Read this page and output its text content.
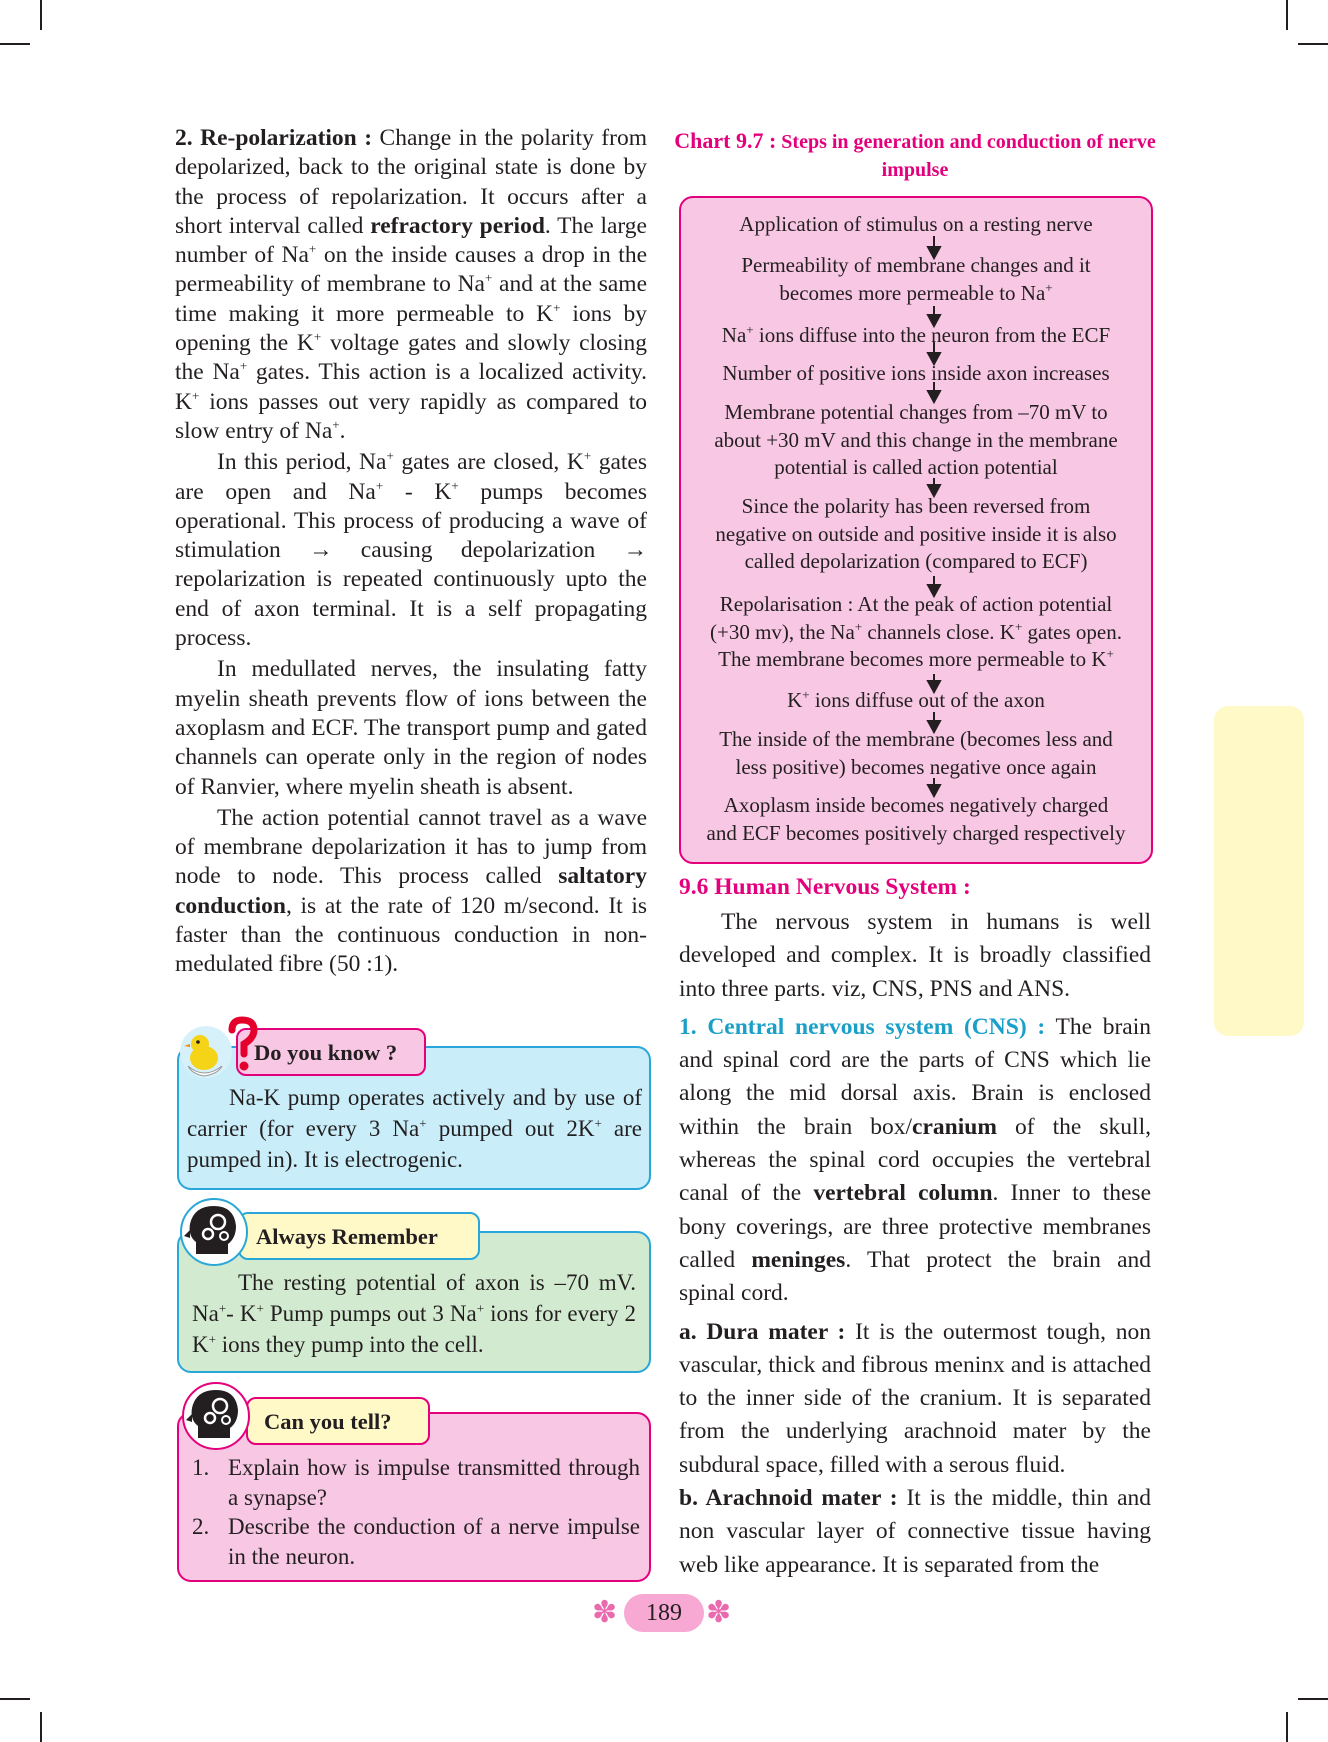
2. Re-polarization : Change in the polarity from depolarized, back to the original state is done by the process of repolarization. It occurs after a short interval called refractory period. The large number of Na+ on the inside causes a drop in the permeability of membrane to Na+ and at the same time making it more permeable to K+ ions by opening the K+ voltage gates and slowly closing the Na+ gates. This action is a localized activity. K+ ions passes out very rapidly as compared to slow entry of Na+.

In this period, Na+ gates are closed, K+ gates are open and Na+ - K+ pumps becomes operational. This process of producing a wave of stimulation → causing depolarization → repolarization is repeated continuously upto the end of axon terminal. It is a self propagating process.

In medullated nerves, the insulating fatty myelin sheath prevents flow of ions between the axoplasm and ECF. The transport pump and gated channels can operate only in the region of nodes of Ranvier, where myelin sheath is absent.

The action potential cannot travel as a wave of membrane depolarization it has to jump from node to node. This process called saltatory conduction, is at the rate of 120 m/second. It is faster than the continuous conduction in non-medulated fibre (50 :1).

Do you know ?

Na-K pump operates actively and by use of carrier (for every 3 Na+ pumped out 2K+ are pumped in). It is electrogenic.

Always Remember

The resting potential of axon is –70 mV. Na+- K+ Pump pumps out 3 Na+ ions for every 2 K+ ions they pump into the cell.

Can you tell?
1. Explain how is impulse transmitted through a synapse?
2. Describe the conduction of a nerve impulse in the neuron.
Chart 9.7 : Steps in generation and conduction of nerve impulse
Application of stimulus on a resting nerve
Permeability of membrane changes and it
becomes more permeable to Na+
Na+ ions diffuse into the neuron from the ECF
Number of positive ions inside axon increases
Membrane potential changes from –70 mV to
about +30 mV and this change in the membrane
potential is called action potential
Since the polarity has been reversed from
negative on outside and positive inside it is also
called depolarization (compared to ECF)
Repolarisation : At the peak of action potential
(+30 mv), the Na+ channels close. K+ gates open.
The membrane becomes more permeable to K+
K+ ions diffuse out of the axon
The inside of the membrane (becomes less and
less positive) becomes negative once again
Axoplasm inside becomes negatively charged
and ECF becomes positively charged respectively
9.6 Human Nervous System :

The nervous system in humans is well developed and complex. It is broadly classified into three parts. viz, CNS, PNS and ANS.

1. Central nervous system (CNS) : The brain and spinal cord are the parts of CNS which lie along the mid dorsal axis. Brain is enclosed within the brain box/cranium of the skull, whereas the spinal cord occupies the vertebral canal of the vertebral column. Inner to these bony coverings, are three protective membranes called meninges. That protect the brain and spinal cord.

a. Dura mater : It is the outermost tough, non vascular, thick and fibrous meninx and is attached to the inner side of the cranium. It is separated from the underlying arachnoid mater by the subdural space, filled with a serous fluid.

b. Arachnoid mater : It is the middle, thin and non vascular layer of connective tissue having web like appearance. It is separated from the

✽	189 ✽
